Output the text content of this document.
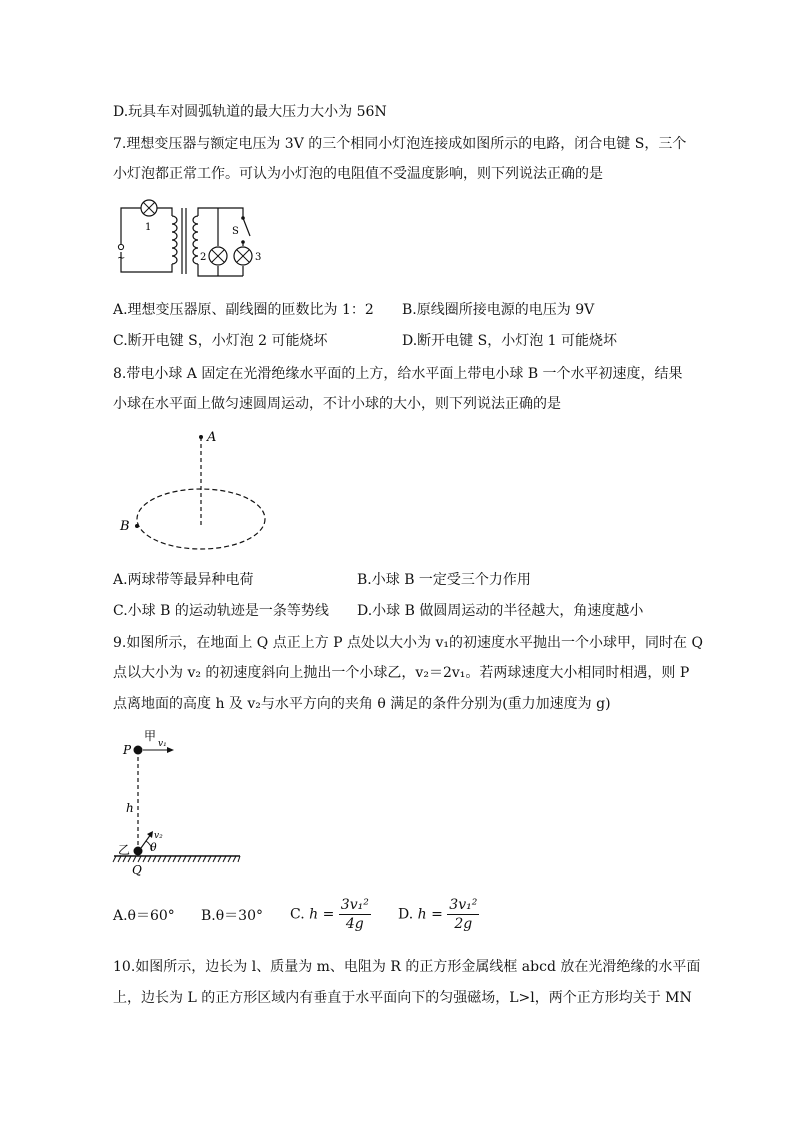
D.玩具车对圆弧轨道的最大压力大小为 56N
7.理想变压器与额定电压为 3V 的三个相同小灯泡连接成如图所示的电路，闭合电键 S，三个
小灯泡都正常工作。可认为小灯泡的电阻值不受温度影响，则下列说法正确的是
~
1
2	3
S
A.理想变压器原、副线圈的匝数比为 1：2 B.原线圈所接电源的电压为 9V
C.断开电键 S，小灯泡 2 可能烧坏	D.断开电键 S，小灯泡 1 可能烧坏
8.带电小球 A 固定在光滑绝缘水平面的上方，给水平面上带电小球 B 一个水平初速度，结果
小球在水平面上做匀速圆周运动，不计小球的大小，则下列说法正确的是
A
B
A.两球带等最异种电荷	B.小球 B 一定受三个力作用
C.小球 B 的运动轨迹是一条等势线 D.小球 B 做圆周运动的半径越大，角速度越小
9.如图所示，在地面上 Q 点正上方 P 点处以大小为 v₁的初速度水平抛出一个小球甲，同时在 Q
点以大小为 v₂ 的初速度斜向上抛出一个小球乙，v₂＝2v₁。若两球速度大小相同时相遇，则 P
点离地面的高度 h 及 v₂与水平方向的夹角 θ 满足的条件分别为(重力加速度为 g)
甲
P	v₁
h
乙
Q
v₂
θ
A.θ＝60° B.θ＝30° C. $h = \frac{\text{3v₁²}}{4g} D$. $h = \frac{\text{3v₁²}}{2g}$
10.如图所示，边长为 l、质量为 m、电阻为 R 的正方形金属线框 abcd 放在光滑绝缘的水平面
上，边长为 L 的正方形区域内有垂直于水平面向下的匀强磁场，L>l，两个正方形均关于 MN
